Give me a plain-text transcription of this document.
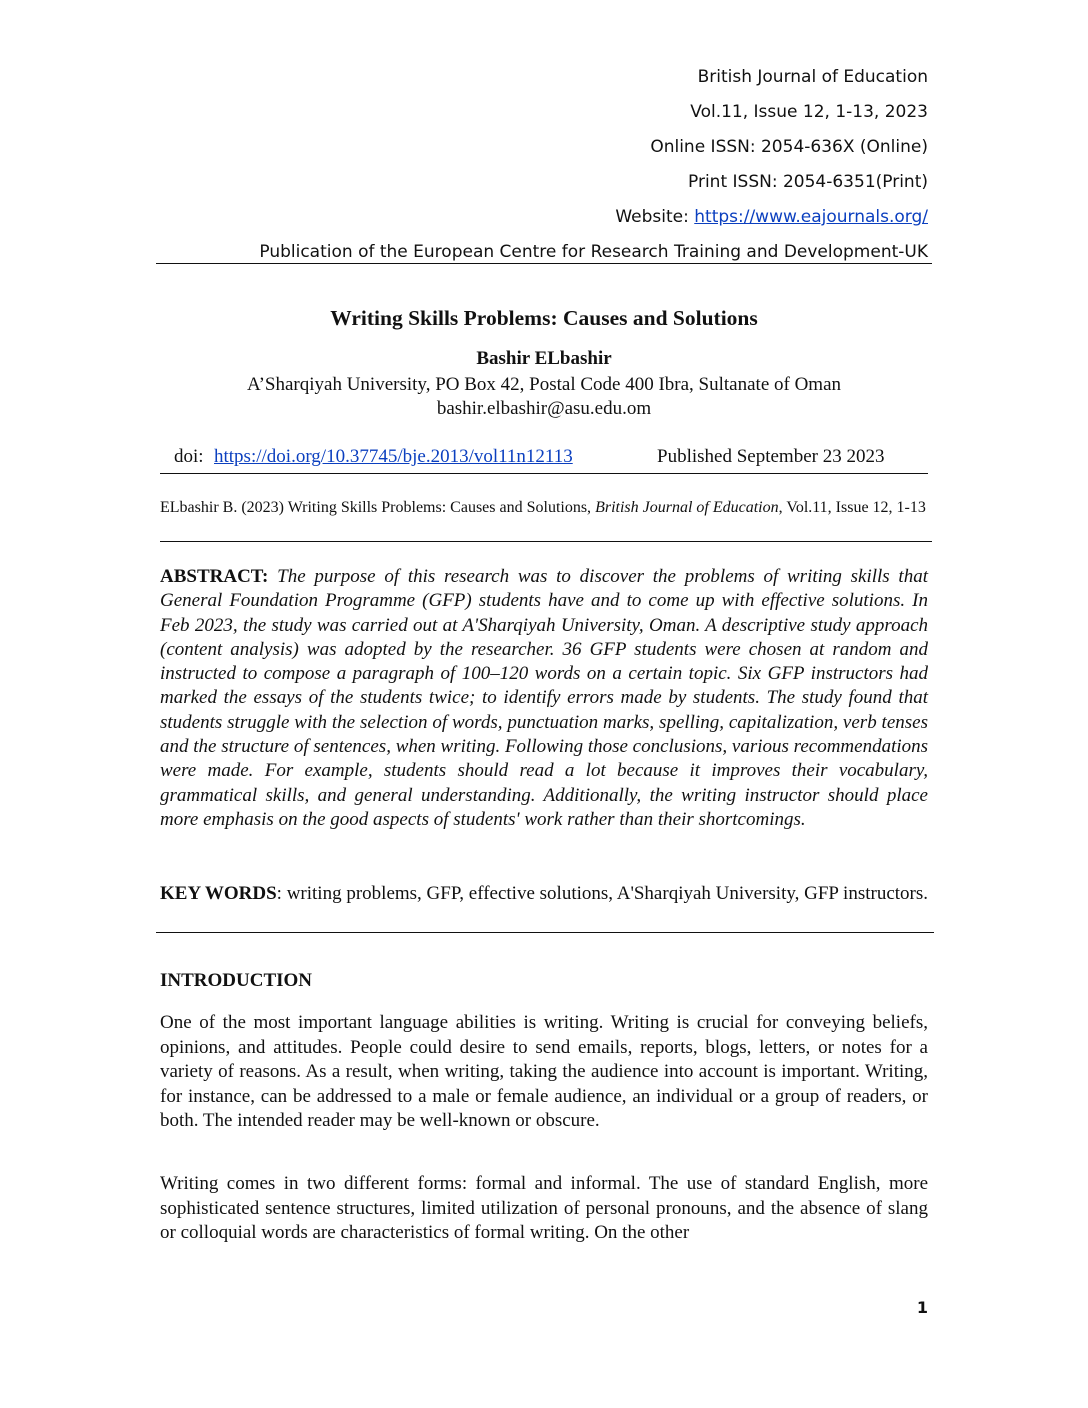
British Journal of Education
Vol.11, Issue 12, 1-13, 2023
Online ISSN: 2054-636X (Online)
Print ISSN: 2054-6351(Print)
Website: https://www.eajournals.org/
Publication of the European Centre for Research Training and Development-UK
Writing Skills Problems: Causes and Solutions
Bashir ELbashir
A’Sharqiyah University, PO Box 42, Postal Code 400 Ibra, Sultanate of Oman
bashir.elbashir@asu.edu.om
doi: https://doi.org/10.37745/bje.2013/vol11n12113	Published September 23 2023
ELbashir B. (2023) Writing Skills Problems: Causes and Solutions, British Journal of Education, Vol.11, Issue 12, 1-13
ABSTRACT: The purpose of this research was to discover the problems of writing skills that General Foundation Programme (GFP) students have and to come up with effective solutions. In Feb 2023, the study was carried out at A'Sharqiyah University, Oman. A descriptive study approach (content analysis) was adopted by the researcher. 36 GFP students were chosen at random and instructed to compose a paragraph of 100–120 words on a certain topic. Six GFP instructors had marked the essays of the students twice; to identify errors made by students. The study found that students struggle with the selection of words, punctuation marks, spelling, capitalization, verb tenses and the structure of sentences, when writing. Following those conclusions, various recommendations were made. For example, students should read a lot because it improves their vocabulary, grammatical skills, and general understanding. Additionally, the writing instructor should place more emphasis on the good aspects of students' work rather than their shortcomings.
KEY WORDS: writing problems, GFP, effective solutions, A'Sharqiyah University, GFP instructors.
INTRODUCTION
One of the most important language abilities is writing. Writing is crucial for conveying beliefs, opinions, and attitudes. People could desire to send emails, reports, blogs, letters, or notes for a variety of reasons. As a result, when writing, taking the audience into account is important. Writing, for instance, can be addressed to a male or female audience, an individual or a group of readers, or both. The intended reader may be well-known or obscure.
Writing comes in two different forms: formal and informal. The use of standard English, more sophisticated sentence structures, limited utilization of personal pronouns, and the absence of slang or colloquial words are characteristics of formal writing. On the other
1
